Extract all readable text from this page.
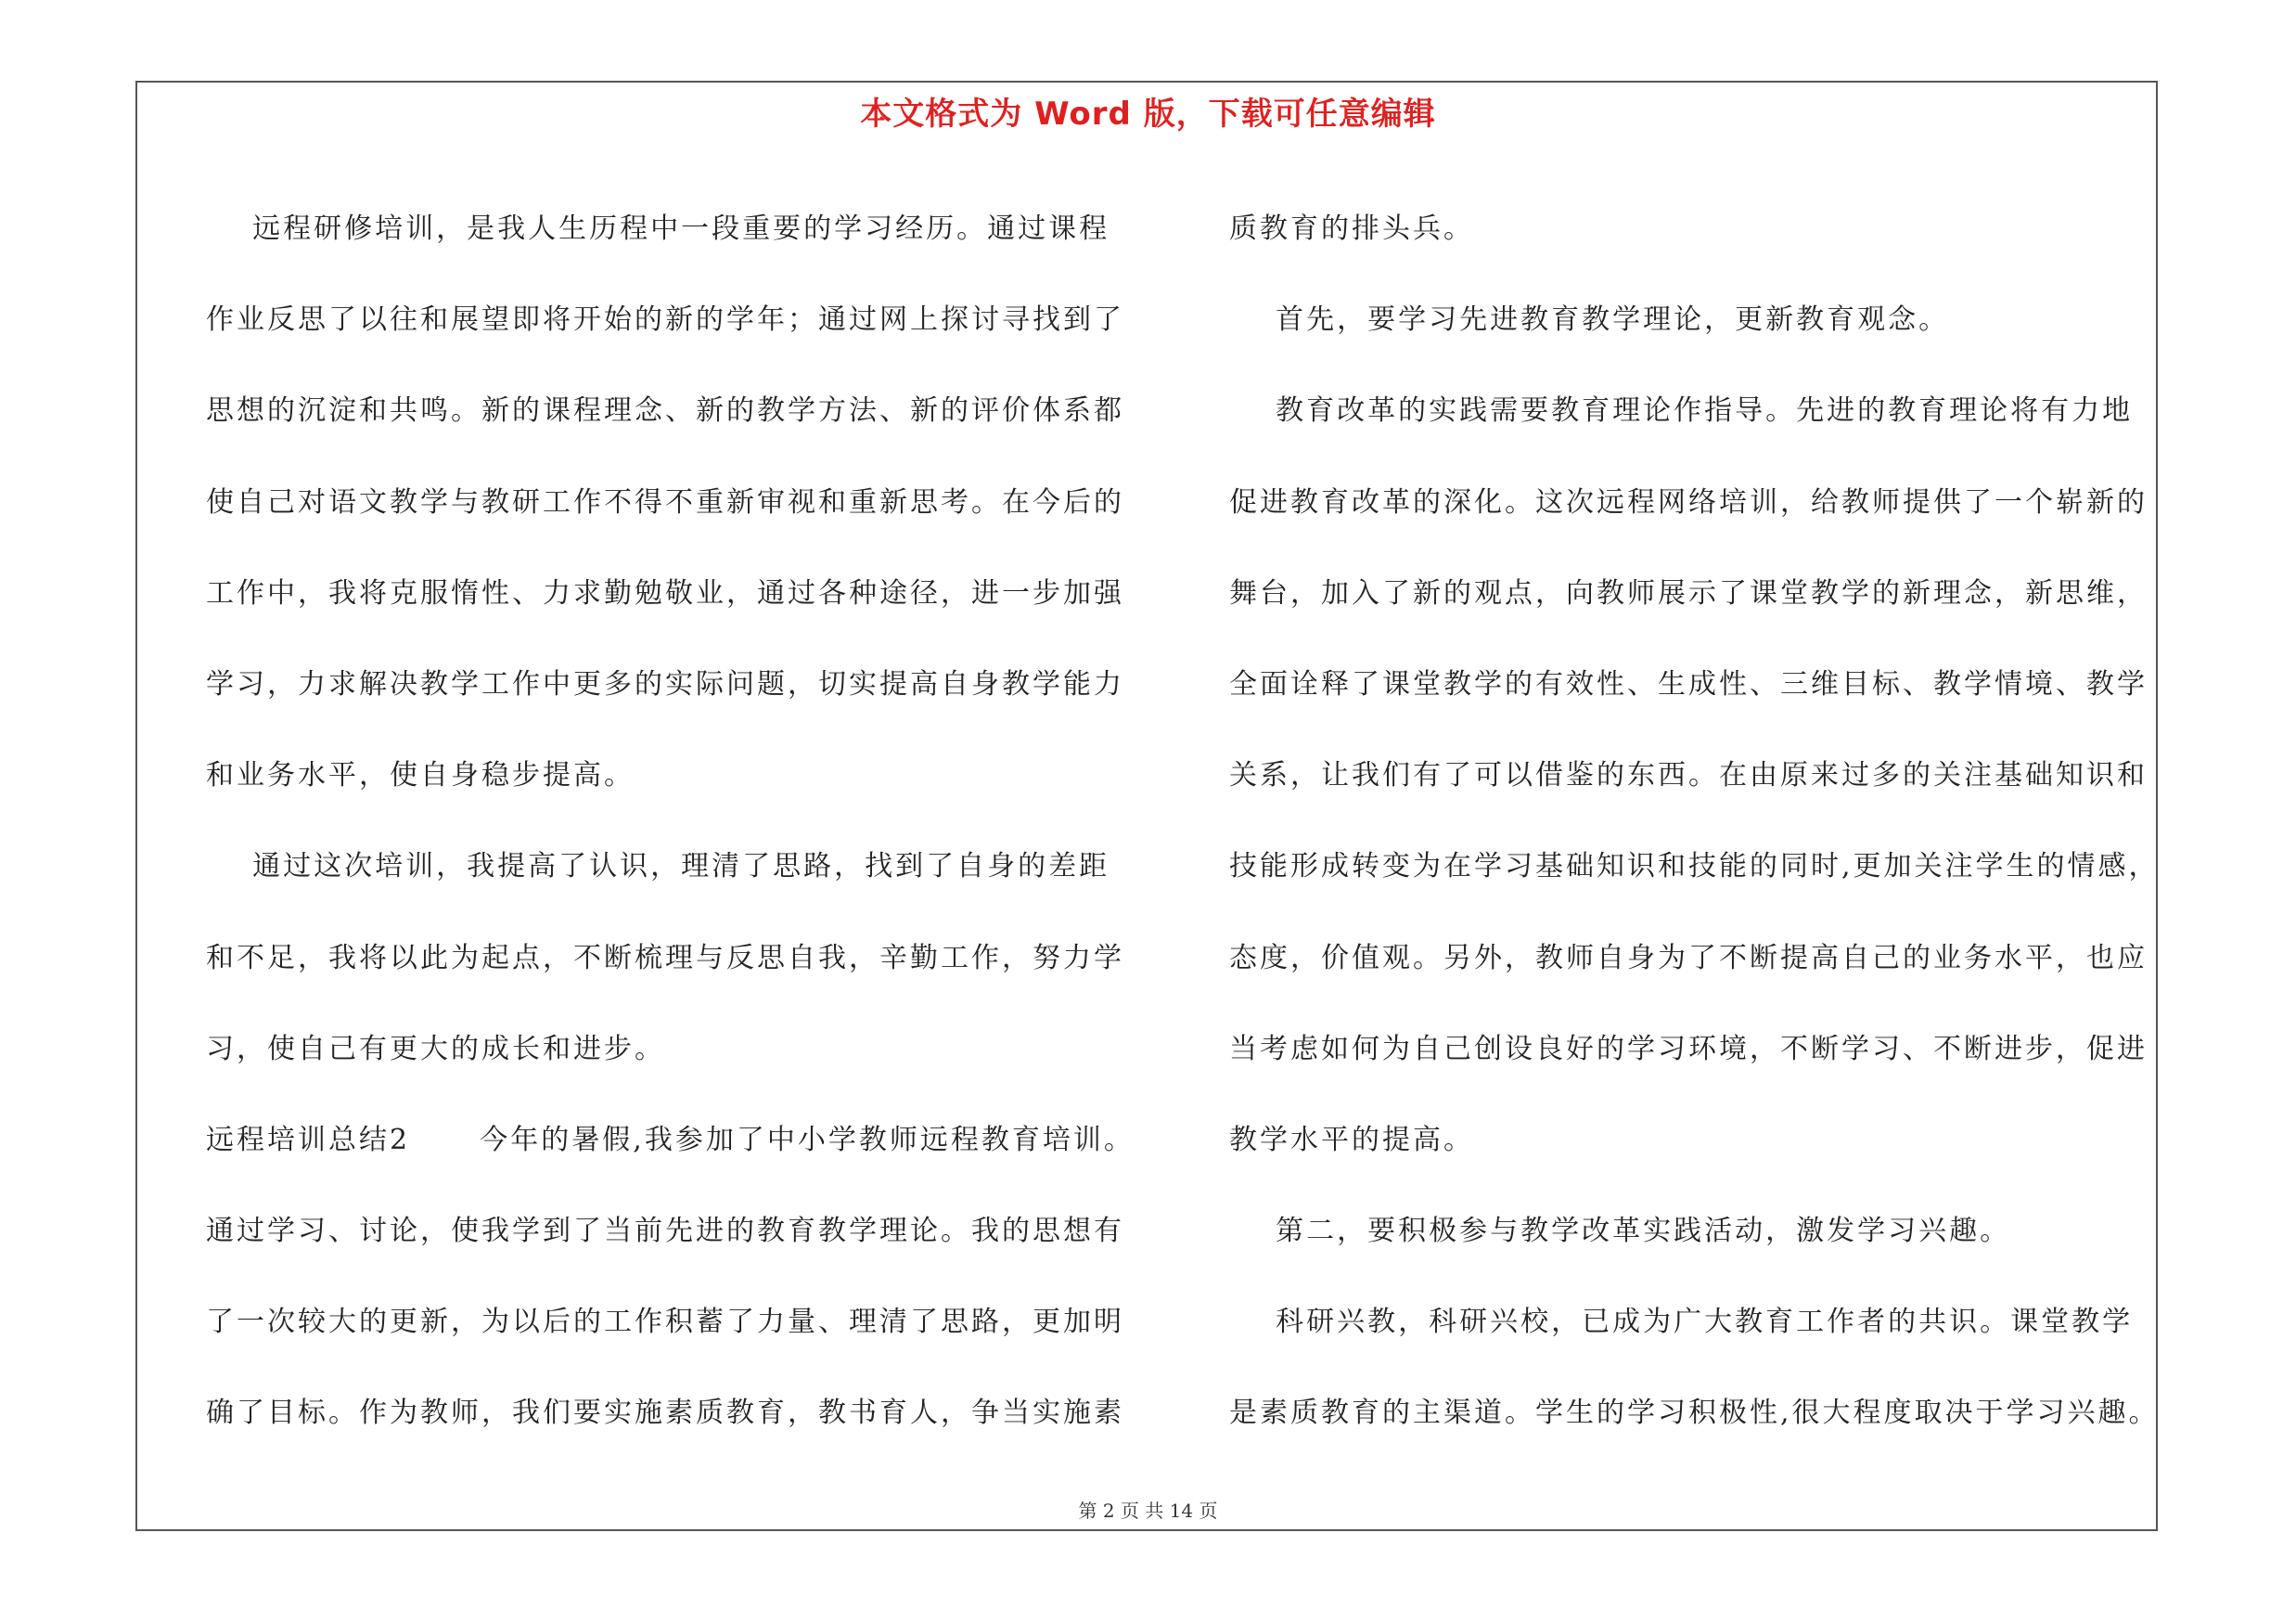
本文格式为 Word 版，下载可任意编辑
远程研修培训，是我人生历程中一段重要的学习经历。通过课程
作业反思了以往和展望即将开始的新的学年；通过网上探讨寻找到了
思想的沉淀和共鸣。新的课程理念、新的教学方法、新的评价体系都
使自己对语文教学与教研工作不得不重新审视和重新思考。在今后的
工作中，我将克服惰性、力求勤勉敬业，通过各种途径，进一步加强
学习，力求解决教学工作中更多的实际问题，切实提高自身教学能力
和业务水平，使自身稳步提高。
通过这次培训，我提高了认识，理清了思路，找到了自身的差距
和不足，我将以此为起点，不断梳理与反思自我，辛勤工作，努力学
习，使自己有更大的成长和进步。
远程培训总结2      今年的暑假,我参加了中小学教师远程教育培训。
通过学习、讨论，使我学到了当前先进的教育教学理论。我的思想有
了一次较大的更新，为以后的工作积蓄了力量、理清了思路，更加明
确了目标。作为教师，我们要实施素质教育，教书育人，争当实施素
质教育的排头兵。
首先，要学习先进教育教学理论，更新教育观念。
教育改革的实践需要教育理论作指导。先进的教育理论将有力地
促进教育改革的深化。这次远程网络培训，给教师提供了一个崭新的
舞台，加入了新的观点，向教师展示了课堂教学的新理念，新思维，
全面诠释了课堂教学的有效性、生成性、三维目标、教学情境、教学
关系，让我们有了可以借鉴的东西。在由原来过多的关注基础知识和
技能形成转变为在学习基础知识和技能的同时,更加关注学生的情感，
态度，价值观。另外，教师自身为了不断提高自己的业务水平，也应
当考虑如何为自己创设良好的学习环境，不断学习、不断进步，促进
教学水平的提高。
第二，要积极参与教学改革实践活动，激发学习兴趣。
科研兴教，科研兴校，已成为广大教育工作者的共识。课堂教学
是素质教育的主渠道。学生的学习积极性,很大程度取决于学习兴趣。
第 2 页 共 14 页
